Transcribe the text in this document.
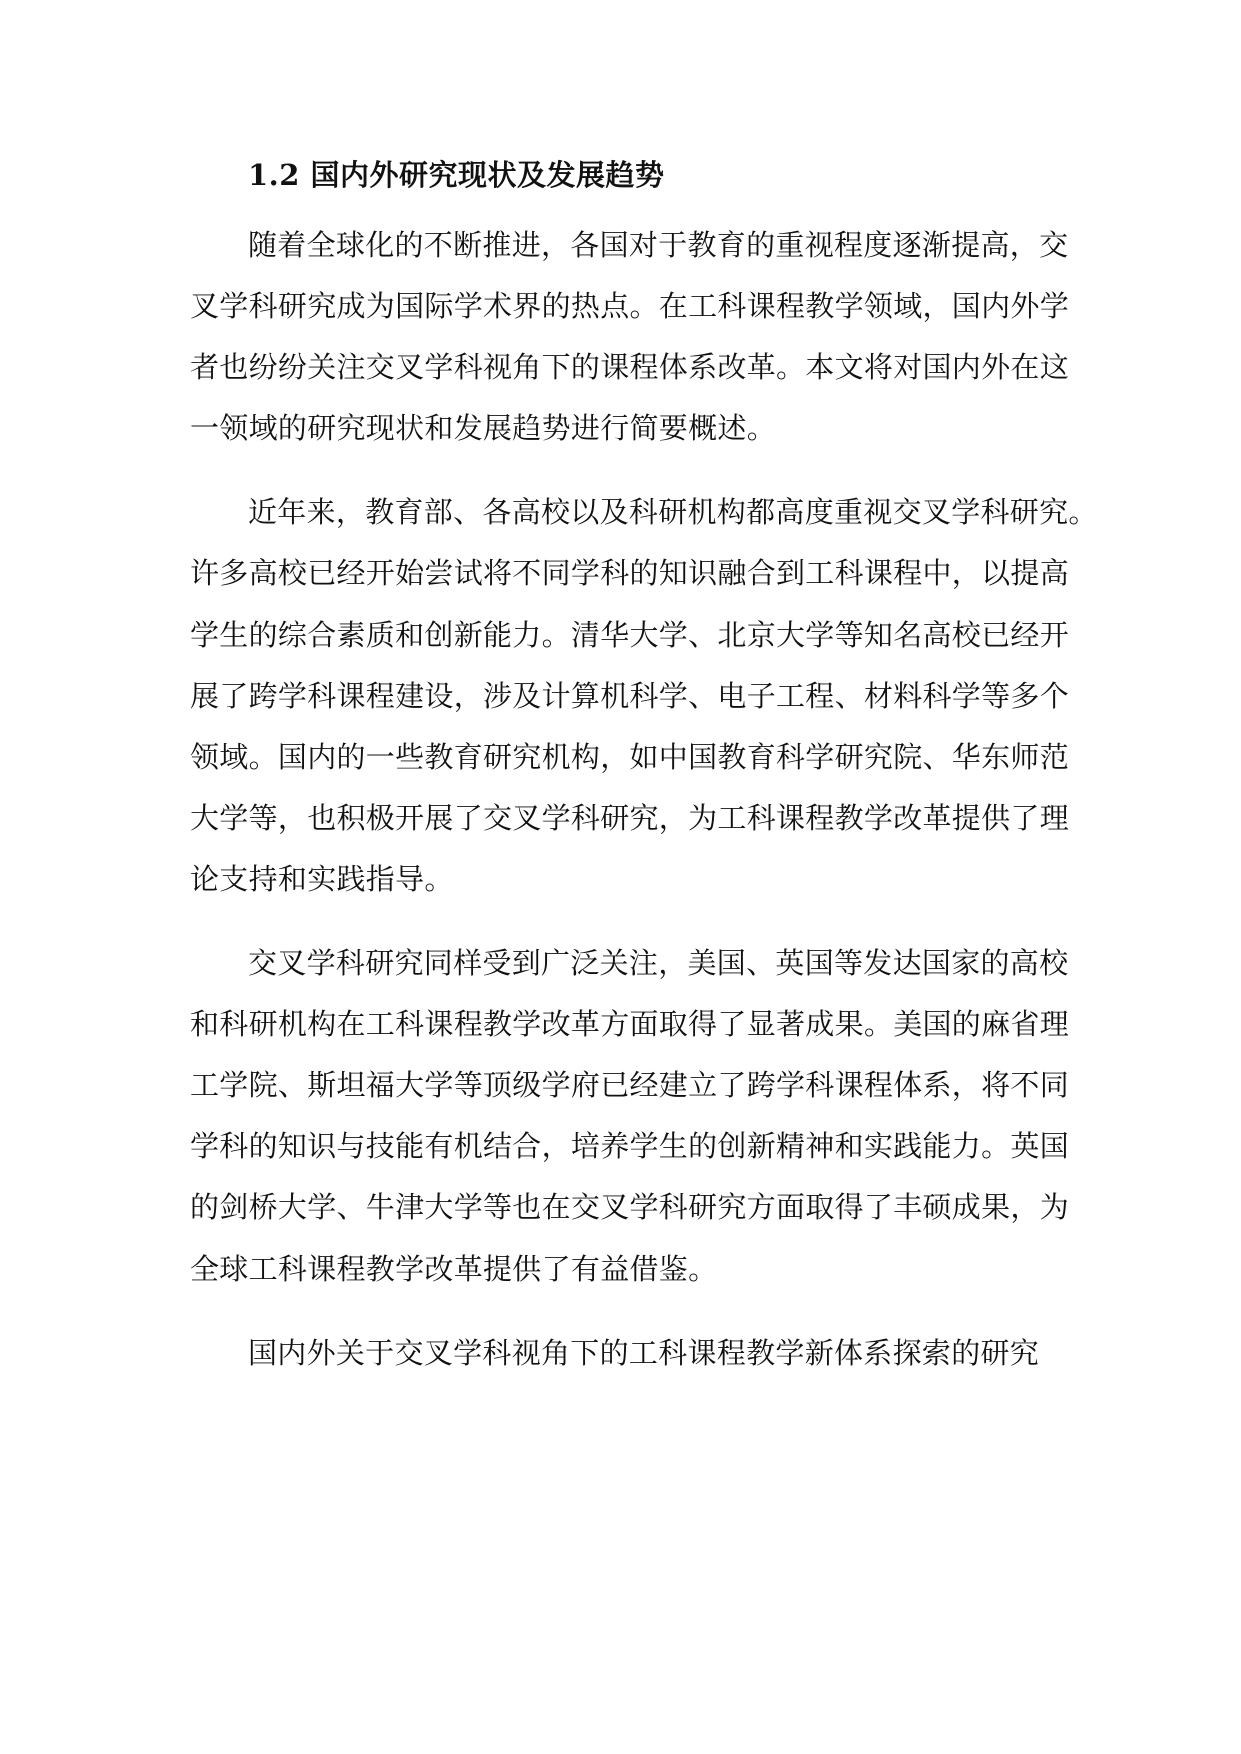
1.2 国内外研究现状及发展趋势
随着全球化的不断推进，各国对于教育的重视程度逐渐提高，交
叉学科研究成为国际学术界的热点。在工科课程教学领域，国内外学
者也纷纷关注交叉学科视角下的课程体系改革。本文将对国内外在这
一领域的研究现状和发展趋势进行简要概述。
近年来，教育部、各高校以及科研机构都高度重视交叉学科研究。
许多高校已经开始尝试将不同学科的知识融合到工科课程中，以提高
学生的综合素质和创新能力。清华大学、北京大学等知名高校已经开
展了跨学科课程建设，涉及计算机科学、电子工程、材料科学等多个
领域。国内的一些教育研究机构，如中国教育科学研究院、华东师范
大学等，也积极开展了交叉学科研究，为工科课程教学改革提供了理
论支持和实践指导。
交叉学科研究同样受到广泛关注，美国、英国等发达国家的高校
和科研机构在工科课程教学改革方面取得了显著成果。美国的麻省理
工学院、斯坦福大学等顶级学府已经建立了跨学科课程体系，将不同
学科的知识与技能有机结合，培养学生的创新精神和实践能力。英国
的剑桥大学、牛津大学等也在交叉学科研究方面取得了丰硕成果，为
全球工科课程教学改革提供了有益借鉴。
国内外关于交叉学科视角下的工科课程教学新体系探索的研究
